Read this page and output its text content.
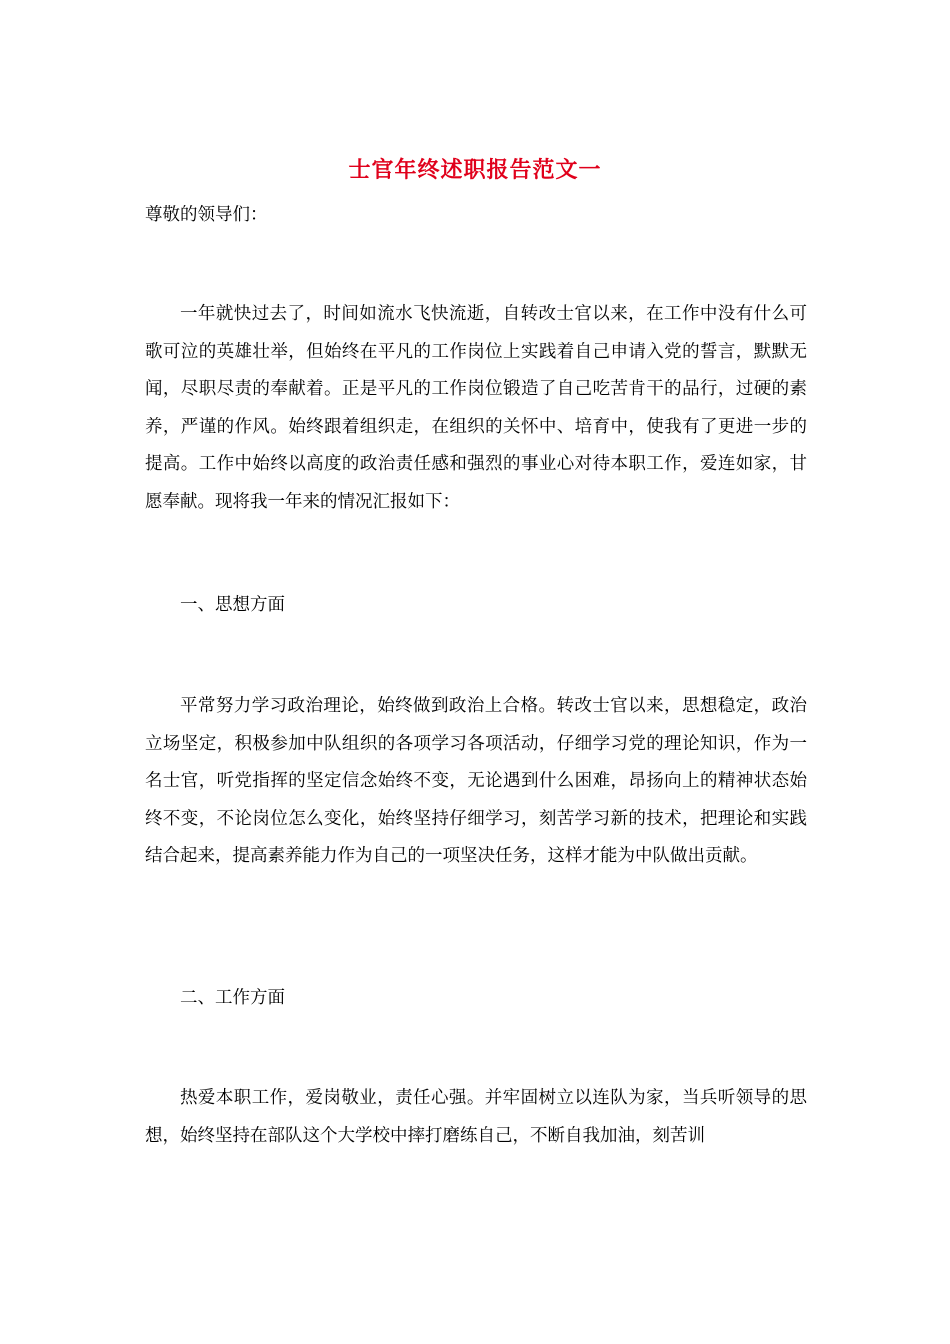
士官年终述职报告范文一
尊敬的领导们：
一年就快过去了，时间如流水飞快流逝，自转改士官以来，在工作中没有什么可歌可泣的英雄壮举，但始终在平凡的工作岗位上实践着自己申请入党的誓言，默默无闻，尽职尽责的奉献着。正是平凡的工作岗位锻造了自己吃苦肯干的品行，过硬的素养，严谨的作风。始终跟着组织走，在组织的关怀中、培育中，使我有了更进一步的提高。工作中始终以高度的政治责任感和强烈的事业心对待本职工作，爱连如家，甘愿奉献。现将我一年来的情况汇报如下：
一、思想方面
平常努力学习政治理论，始终做到政治上合格。转改士官以来，思想稳定，政治立场坚定，积极参加中队组织的各项学习各项活动，仔细学习党的理论知识，作为一名士官，听党指挥的坚定信念始终不变，无论遇到什么困难，昂扬向上的精神状态始终不变，不论岗位怎么变化，始终坚持仔细学习，刻苦学习新的技术，把理论和实践结合起来，提高素养能力作为自己的一项坚决任务，这样才能为中队做出贡献。
二、工作方面
热爱本职工作，爱岗敬业，责任心强。并牢固树立以连队为家，当兵听领导的思想，始终坚持在部队这个大学校中摔打磨练自己，不断自我加油，刻苦训
